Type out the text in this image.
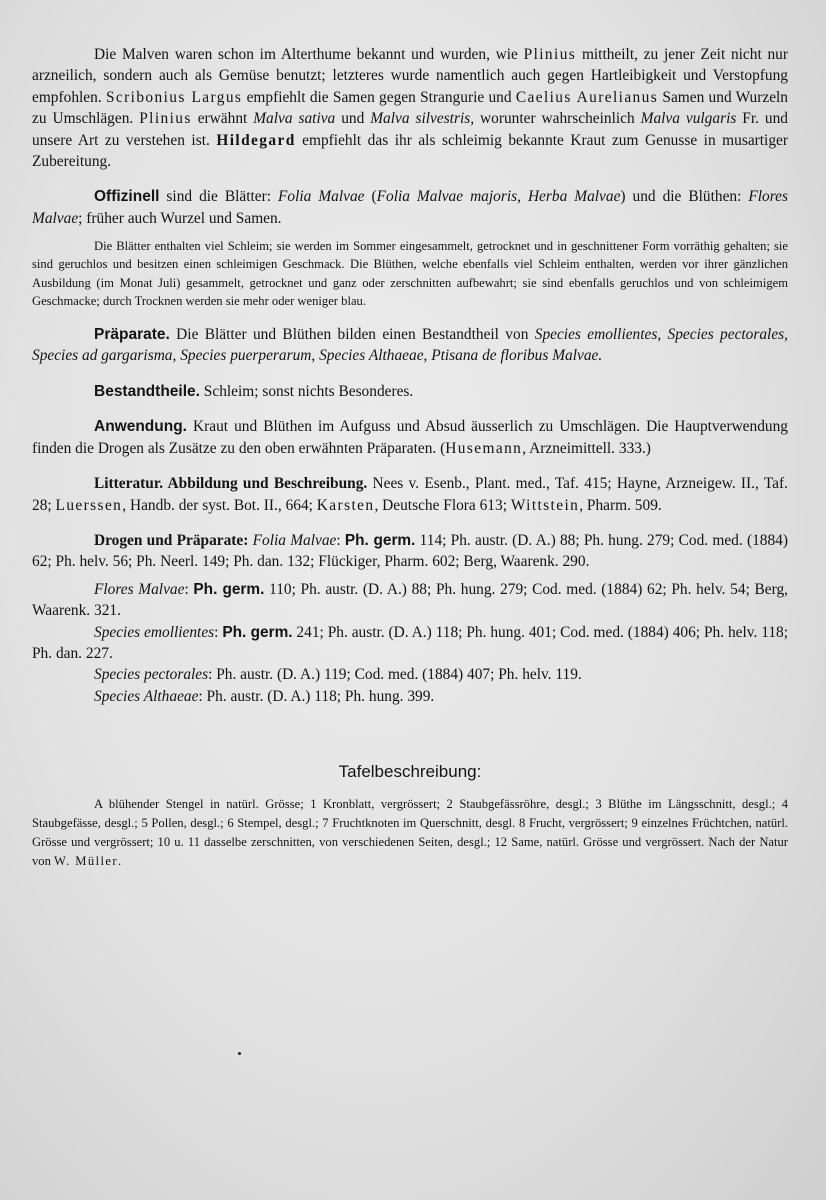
Die Malven waren schon im Alterthume bekannt und wurden, wie Plinius mittheilt, zu jener Zeit nicht nur arzneilich, sondern auch als Gemüse benutzt; letzteres wurde namentlich auch gegen Hartleibigkeit und Verstopfung empfohlen. Scribonius Largus empfiehlt die Samen gegen Strangurie und Caelius Aurelianus Samen und Wurzeln zu Umschlägen. Plinius erwähnt Malva sativa und Malva silvestris, worunter wahrscheinlich Malva vulgaris Fr. und unsere Art zu verstehen ist. Hildegard empfiehlt das ihr als schleimig bekannte Kraut zum Genusse in musartiger Zubereitung.

Offizinell sind die Blätter: Folia Malvae (Folia Malvae majoris, Herba Malvae) und die Blüthen: Flores Malvae; früher auch Wurzel und Samen.

Die Blätter enthalten viel Schleim; sie werden im Sommer eingesammelt, getrocknet und in geschnittener Form vorräthig gehalten; sie sind geruchlos und besitzen einen schleimigen Geschmack. Die Blüthen, welche ebenfalls viel Schleim enthalten, werden vor ihrer gänzlichen Ausbildung (im Monat Juli) gesammelt, getrocknet und ganz oder zerschnitten aufbewahrt; sie sind ebenfalls geruchlos und von schleimigem Geschmacke; durch Trocknen werden sie mehr oder weniger blau.

Präparate. Die Blätter und Blüthen bilden einen Bestandtheil von Species emollientes, Species pectorales, Species ad gargarisma, Species puerperarum, Species Althaeae, Ptisana de floribus Malvae.

Bestandtheile. Schleim; sonst nichts Besonderes.

Anwendung. Kraut und Blüthen im Aufguss und Absud äusserlich zu Umschlägen. Die Hauptverwendung finden die Drogen als Zusätze zu den oben erwähnten Präparaten. (Husemann, Arzneimittell. 333.)

Litteratur. Abbildung und Beschreibung. Nees v. Esenb., Plant. med., Taf. 415; Hayne, Arzneigew. II., Taf. 28; Luerssen, Handb. der syst. Bot. II., 664; Karsten, Deutsche Flora 613; Wittstein, Pharm. 509.

Drogen und Präparate: Folia Malvae: Ph. germ. 114; Ph. austr. (D. A.) 88; Ph. hung. 279; Cod. med. (1884) 62; Ph. helv. 56; Ph. Neerl. 149; Ph. dan. 132; Flückiger, Pharm. 602; Berg, Waarenk. 290.

Flores Malvae: Ph. germ. 110; Ph. austr. (D. A.) 88; Ph. hung. 279; Cod. med. (1884) 62; Ph. helv. 54; Berg, Waarenk. 321.

Species emollientes: Ph. germ. 241; Ph. austr. (D. A.) 118; Ph. hung. 401; Cod. med. (1884) 406; Ph. helv. 118; Ph. dan. 227.

Species pectorales: Ph. austr. (D. A.) 119; Cod. med. (1884) 407; Ph. helv. 119.

Species Althaeae: Ph. austr. (D. A.) 118; Ph. hung. 399.

Tafelbeschreibung:

A blühender Stengel in natürl. Grösse; 1 Kronblatt, vergrössert; 2 Staubgefässröhre, desgl.; 3 Blüthe im Längsschnitt, desgl.; 4 Staubgefässe, desgl.; 5 Pollen, desgl.; 6 Stempel, desgl.; 7 Fruchtknoten im Querschnitt, desgl. 8 Frucht, vergrössert; 9 einzelnes Früchtchen, natürl. Grösse und vergrössert; 10 u. 11 dasselbe zerschnitten, von verschiedenen Seiten, desgl.; 12 Same, natürl. Grösse und vergrössert. Nach der Natur von W. Müller.
